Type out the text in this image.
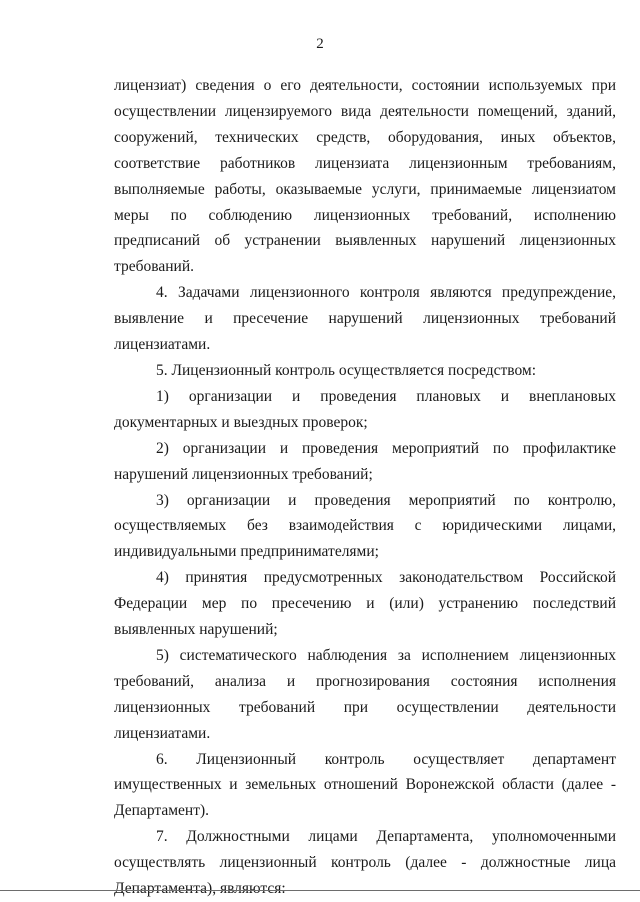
2

лицензиат) сведения о его деятельности, состоянии используемых при осуществлении лицензируемого вида деятельности помещений, зданий, сооружений, технических средств, оборудования, иных объектов, соответствие работников лицензиата лицензионным требованиям, выполняемые работы, оказываемые услуги, принимаемые лицензиатом меры по соблюдению лицензионных требований, исполнению предписаний об устранении выявленных нарушений лицензионных требований.

4. Задачами лицензионного контроля являются предупреждение, выявление и пресечение нарушений лицензионных требований лицензиатами.

5. Лицензионный контроль осуществляется посредством:

1) организации и проведения плановых и внеплановых документарных и выездных проверок;

2) организации и проведения мероприятий по профилактике нарушений лицензионных требований;

3) организации и проведения мероприятий по контролю, осуществляемых без взаимодействия с юридическими лицами, индивидуальными предпринимателями;

4) принятия предусмотренных законодательством Российской Федерации мер по пресечению и (или) устранению последствий выявленных нарушений;

5) систематического наблюдения за исполнением лицензионных требований, анализа и прогнозирования состояния исполнения лицензионных требований при осуществлении деятельности лицензиатами.

6. Лицензионный контроль осуществляет департамент имущественных и земельных отношений Воронежской области (далее - Департамент).

7. Должностными лицами Департамента, уполномоченными осуществлять лицензионный контроль (далее - должностные лица Департамента), являются:
